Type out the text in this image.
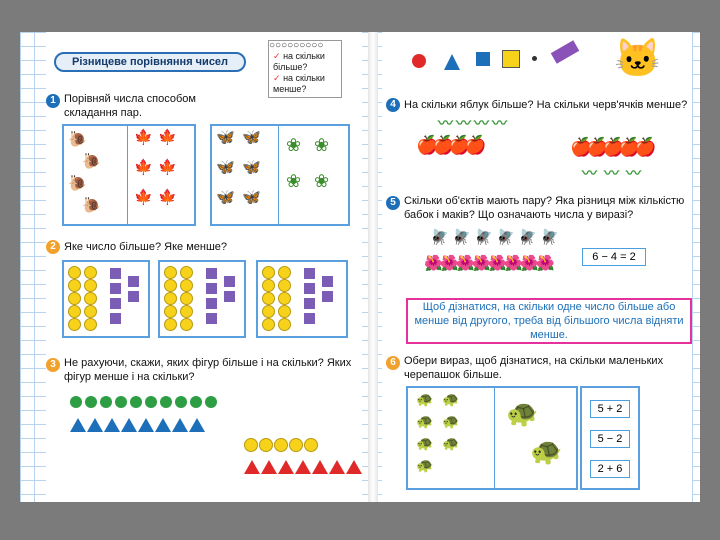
Різницеве порівняння чисел
○○○○○○○○○
✓ на скільки більше?
✓ на скільки менше?
1 Порівняй числа способом складання пар.
🐌
🐌
🐌
🐌
🍁 🍁
🍁 🍁
🍁 🍁
🦋 🦋
🦋 🦋
🦋 🦋
❀ ❀
❀ ❀
2 Яке число більше? Яке менше?
3 Не рахуючи, скажи, яких фігур більше і на скільки? Яких фігур менше і на скільки?
🐱
4 На скільки яблук більше? На скільки черв'ячків менше?
🍎
🍎
🍎
🍎
〰 〰 〰 〰
🍎
🍎
🍎
🍎
🍎
〰 〰 〰
5 Скільки об'єктів мають пару? Яка різниця між кількістю бабок і маків? Що означають числа у виразі?
🪰 🪰 🪰 🪰 🪰 🪰
🌺
🌺
🌺
🌺
🌺
🌺
🌺
🌺	6 − 4 = 2
Щоб дізнатися, на скільки одне число більше або менше від другого, треба від більшого числа відняти менше.
6 Обери вираз, щоб дізнатися, на скільки маленьких черепашок більше.
🐢 🐢
🐢 🐢
🐢 🐢
🐢
🐢
🐢
5 + 2
5 − 2
2 + 6
